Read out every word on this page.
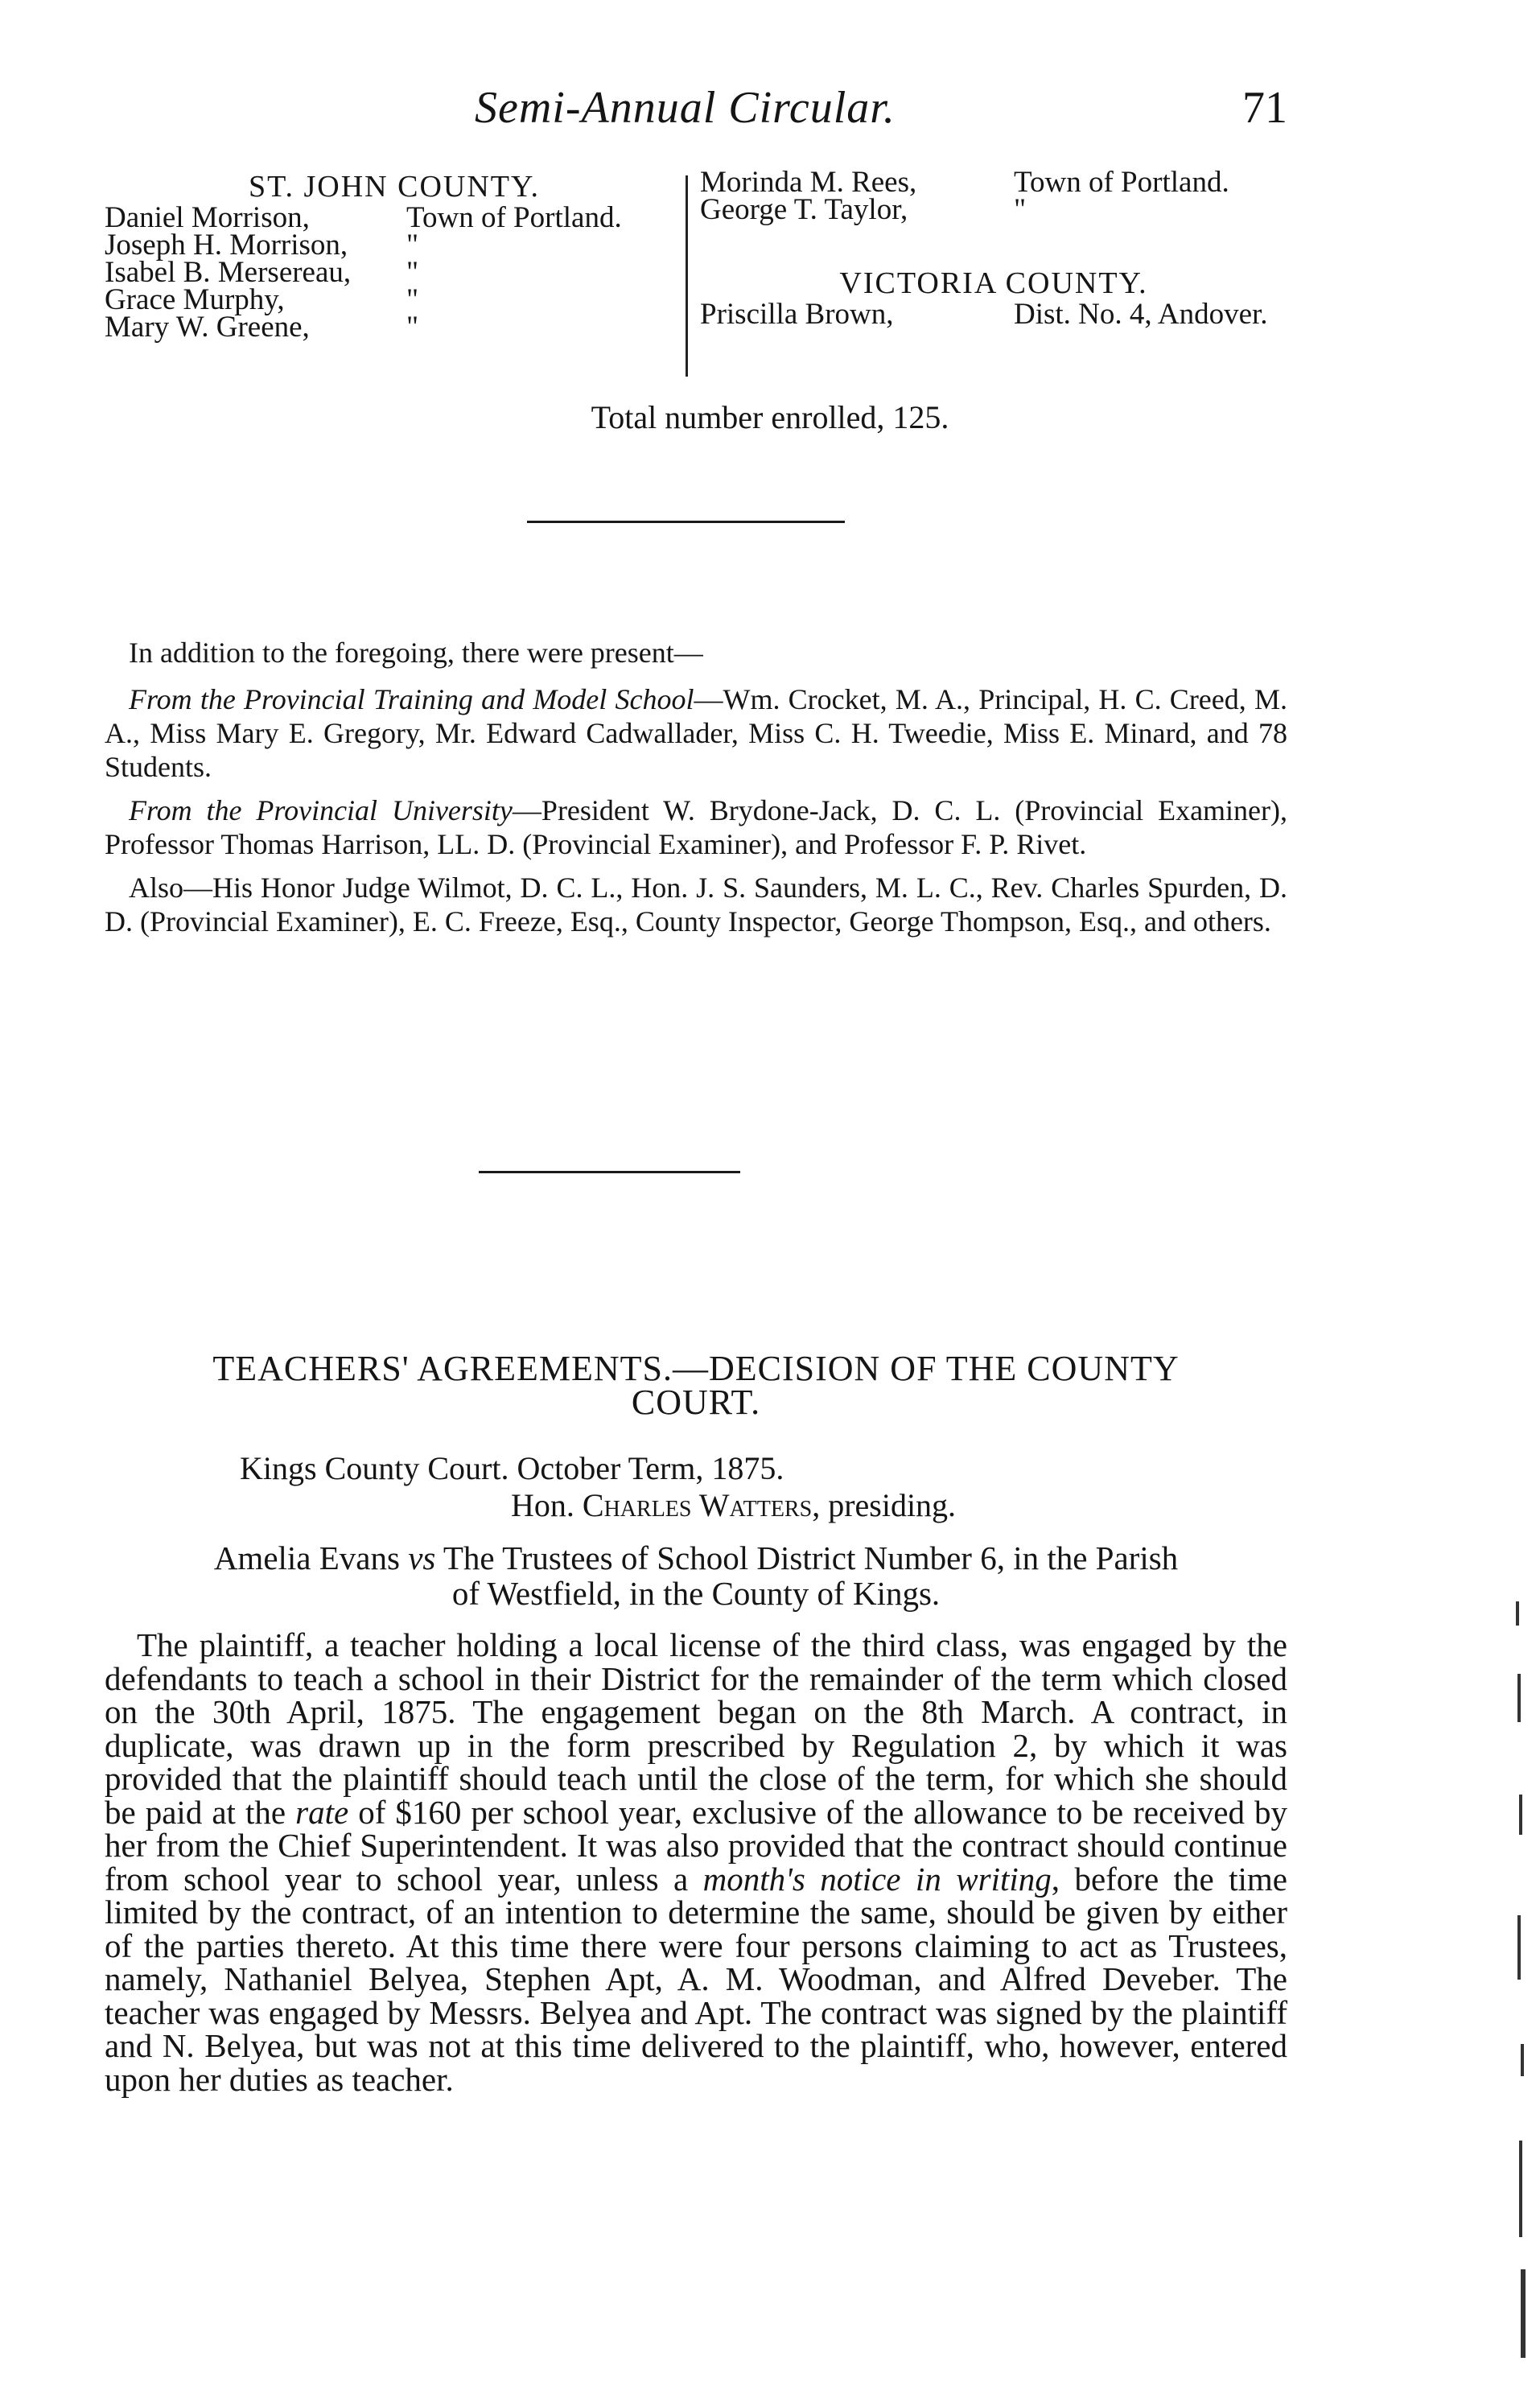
Semi-Annual Circular.	71
ST. JOHN COUNTY.
Daniel Morrison,	Town of Portland.
Joseph H. Morrison, "
Isabel B. Mersereau, "
Grace Murphy,	"
Mary W. Greene,	"
Morinda M. Rees,	Town of Portland.
George T. Taylor,	"
VICTORIA COUNTY.
Priscilla Brown,	Dist. No. 4, Andover.
Total number enrolled, 125.

In addition to the foregoing, there were present—

From the Provincial Training and Model School—Wm. Crocket, M. A., Principal, H. C. Creed, M. A., Miss Mary E. Gregory, Mr. Edward Cadwallader, Miss C. H. Tweedie, Miss E. Minard, and 78 Students.

From the Provincial University—President W. Brydone-Jack, D. C. L. (Provincial Examiner), Professor Thomas Harrison, LL. D. (Provincial Examiner), and Professor F. P. Rivet.

Also—His Honor Judge Wilmot, D. C. L., Hon. J. S. Saunders, M. L. C., Rev. Charles Spurden, D. D. (Provincial Examiner), E. C. Freeze, Esq., County Inspector, George Thompson, Esq., and others.

TEACHERS' AGREEMENTS.—DECISION OF THE COUNTY
COURT.
Kings County Court. October Term, 1875.
Hon. Charles Watters, presiding.
Amelia Evans vs The Trustees of School District Number 6, in the Parish
of Westfield, in the County of Kings.

The plaintiff, a teacher holding a local license of the third class, was engaged by the defendants to teach a school in their District for the remainder of the term which closed on the 30th April, 1875. The engagement began on the 8th March. A contract, in duplicate, was drawn up in the form prescribed by Regulation 2, by which it was provided that the plaintiff should teach until the close of the term, for which she should be paid at the rate of $160 per school year, exclusive of the allowance to be received by her from the Chief Superintendent. It was also provided that the contract should continue from school year to school year, unless a month's notice in writing, before the time limited by the contract, of an intention to determine the same, should be given by either of the parties thereto. At this time there were four persons claiming to act as Trustees, namely, Nathaniel Belyea, Stephen Apt, A. M. Woodman, and Alfred Deveber. The teacher was engaged by Messrs. Belyea and Apt. The contract was signed by the plaintiff and N. Belyea, but was not at this time delivered to the plaintiff, who, however, entered upon her duties as teacher.
